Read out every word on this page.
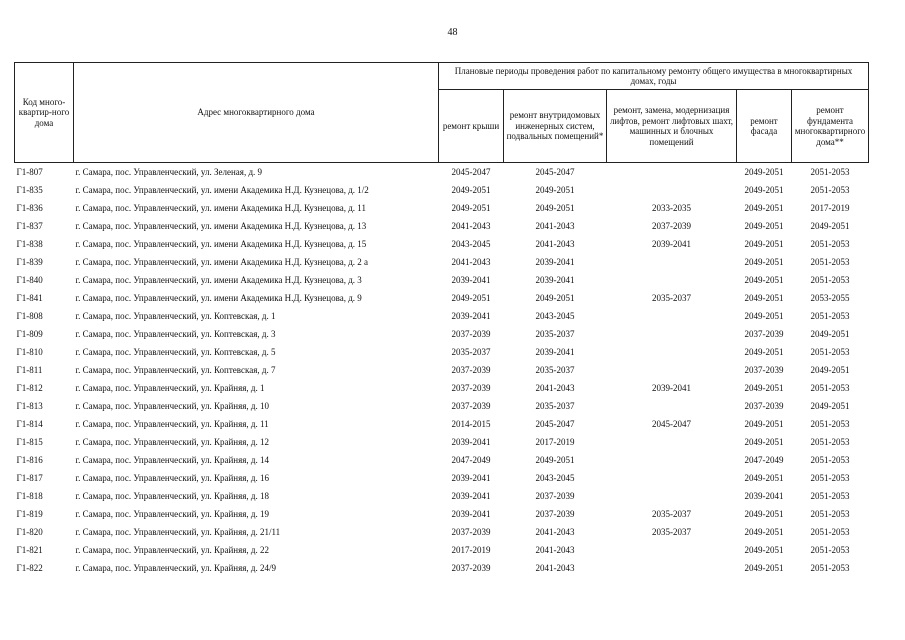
48
Код много-квартир-ного дома	Адрес многоквартирного дома	Плановые периоды проведения работ по капитальному ремонту общего имущества в многоквартирных домах, годы				
		ремонт крыши	ремонт внутридомовых инженерных систем, подвальных помещений*	ремонт, замена, модернизация лифтов, ремонт лифтовых шахт, машинных и блочных помещений	ремонт фасада	ремонт фундамента многоквартирного дома**
Г1-807	г. Самара, пос. Управленческий, ул. Зеленая, д. 9	2045-2047	2045-2047		2049-2051	2051-2053
Г1-835	г. Самара, пос. Управленческий, ул. имени Академика Н.Д. Кузнецова, д. 1/2	2049-2051	2049-2051		2049-2051	2051-2053
Г1-836	г. Самара, пос. Управленческий, ул. имени Академика Н.Д. Кузнецова, д. 11	2049-2051	2049-2051	2033-2035	2049-2051	2017-2019
Г1-837	г. Самара, пос. Управленческий, ул. имени Академика Н.Д. Кузнецова, д. 13	2041-2043	2041-2043	2037-2039	2049-2051	2049-2051
Г1-838	г. Самара, пос. Управленческий, ул. имени Академика Н.Д. Кузнецова, д. 15	2043-2045	2041-2043	2039-2041	2049-2051	2051-2053
Г1-839	г. Самара, пос. Управленческий, ул. имени Академика Н.Д. Кузнецова, д. 2 а	2041-2043	2039-2041		2049-2051	2051-2053
Г1-840	г. Самара, пос. Управленческий, ул. имени Академика Н.Д. Кузнецова, д. 3	2039-2041	2039-2041		2049-2051	2051-2053
Г1-841	г. Самара, пос. Управленческий, ул. имени Академика Н.Д. Кузнецова, д. 9	2049-2051	2049-2051	2035-2037	2049-2051	2053-2055
Г1-808	г. Самара, пос. Управленческий, ул. Коптевская, д. 1	2039-2041	2043-2045		2049-2051	2051-2053
Г1-809	г. Самара, пос. Управленческий, ул. Коптевская, д. 3	2037-2039	2035-2037		2037-2039	2049-2051
Г1-810	г. Самара, пос. Управленческий, ул. Коптевская, д. 5	2035-2037	2039-2041		2049-2051	2051-2053
Г1-811	г. Самара, пос. Управленческий, ул. Коптевская, д. 7	2037-2039	2035-2037		2037-2039	2049-2051
Г1-812	г. Самара, пос. Управленческий, ул. Крайняя, д. 1	2037-2039	2041-2043	2039-2041	2049-2051	2051-2053
Г1-813	г. Самара, пос. Управленческий, ул. Крайняя, д. 10	2037-2039	2035-2037		2037-2039	2049-2051
Г1-814	г. Самара, пос. Управленческий, ул. Крайняя, д. 11	2014-2015	2045-2047	2045-2047	2049-2051	2051-2053
Г1-815	г. Самара, пос. Управленческий, ул. Крайняя, д. 12	2039-2041	2017-2019		2049-2051	2051-2053
Г1-816	г. Самара, пос. Управленческий, ул. Крайняя, д. 14	2047-2049	2049-2051		2047-2049	2051-2053
Г1-817	г. Самара, пос. Управленческий, ул. Крайняя, д. 16	2039-2041	2043-2045		2049-2051	2051-2053
Г1-818	г. Самара, пос. Управленческий, ул. Крайняя, д. 18	2039-2041	2037-2039		2039-2041	2051-2053
Г1-819	г. Самара, пос. Управленческий, ул. Крайняя, д. 19	2039-2041	2037-2039	2035-2037	2049-2051	2051-2053
Г1-820	г. Самара, пос. Управленческий, ул. Крайняя, д. 21/11	2037-2039	2041-2043	2035-2037	2049-2051	2051-2053
Г1-821	г. Самара, пос. Управленческий, ул. Крайняя, д. 22	2017-2019	2041-2043		2049-2051	2051-2053
Г1-822	г. Самара, пос. Управленческий, ул. Крайняя, д. 24/9	2037-2039	2041-2043		2049-2051	2051-2053
